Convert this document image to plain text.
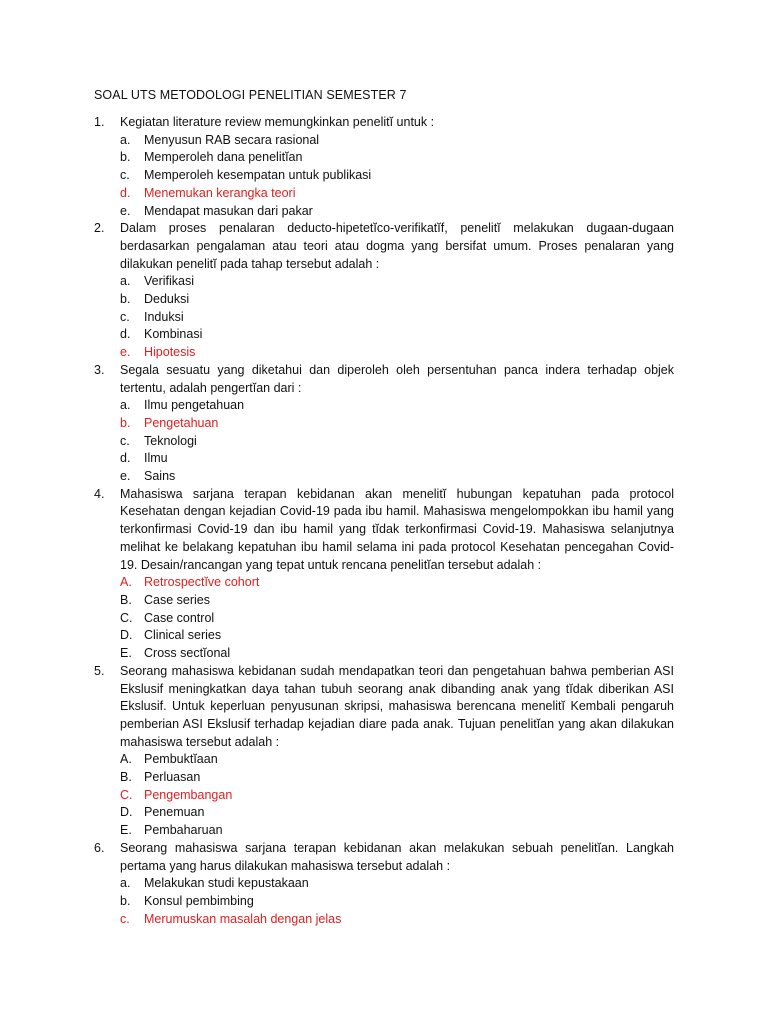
SOAL UTS METODOLOGI PENELITIAN SEMESTER 7
1.	Kegiatan literature review memungkinkan penelitĭ untuk :
a.	Menyusun RAB secara rasional
b.	Memperoleh dana penelitĭan
c.	Memperoleh kesempatan untuk publikasi
d.	Menemukan kerangka teori
e.	Mendapat masukan dari pakar
2.	Dalam proses penalaran deducto-hipetetĭco-verifikatĭf, penelitĭ melakukan dugaan-dugaan berdasarkan pengalaman atau teori atau dogma yang bersifat umum. Proses penalaran yang dilakukan penelitĭ pada tahap tersebut adalah :
a.	Verifikasi
b.	Deduksi
c.	Induksi
d.	Kombinasi
e.	Hipotesis
3.	Segala sesuatu yang diketahui dan diperoleh oleh persentuhan panca indera terhadap objek tertentu, adalah pengertĭan dari :
a.	Ilmu pengetahuan
b.	Pengetahuan
c.	Teknologi
d.	Ilmu
e.	Sains
4.	Mahasiswa sarjana terapan kebidanan akan menelitĭ hubungan kepatuhan pada protocol Kesehatan dengan kejadian Covid-19 pada ibu hamil. Mahasiswa mengelompokkan ibu hamil yang terkonfirmasi Covid-19 dan ibu hamil yang tĭdak terkonfirmasi Covid-19. Mahasiswa selanjutnya melihat ke belakang kepatuhan ibu hamil selama ini pada protocol Kesehatan pencegahan Covid-19. Desain/rancangan yang tepat untuk rencana penelitĭan tersebut adalah :
A. Retrospectĭve cohort
B. Case series
C. Case control
D. Clinical series
E. Cross sectĭonal
5.	Seorang mahasiswa kebidanan sudah mendapatkan teori dan pengetahuan bahwa pemberian ASI Ekslusif meningkatkan daya tahan tubuh seorang anak dibanding anak yang tĭdak diberikan ASI Ekslusif. Untuk keperluan penyusunan skripsi, mahasiswa berencana menelitĭ Kembali pengaruh pemberian ASI Ekslusif terhadap kejadian diare pada anak. Tujuan penelitĭan yang akan dilakukan mahasiswa tersebut adalah :
A. Pembuktĭaan
B. Perluasan
C. Pengembangan
D. Penemuan
E. Pembaharuan
6.	Seorang mahasiswa sarjana terapan kebidanan akan melakukan sebuah penelitĭan. Langkah pertama yang harus dilakukan mahasiswa tersebut adalah :
a.	Melakukan studi kepustakaan
b.	Konsul pembimbing
c.	Merumuskan masalah dengan jelas
